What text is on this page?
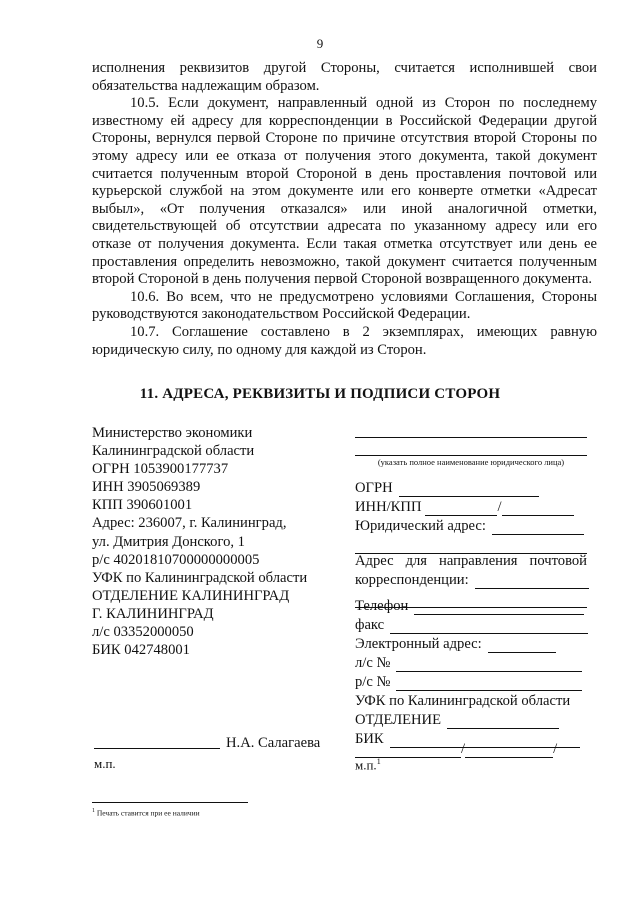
9

исполнения реквизитов другой Стороны, считается исполнившей свои обязательства надлежащим образом.

10.5. Если документ, направленный одной из Сторон по последнему известному ей адресу для корреспонденции в Российской Федерации другой Стороны, вернулся первой Стороне по причине отсутствия второй Стороны по этому адресу или ее отказа от получения этого документа, такой документ считается полученным второй Стороной в день проставления почтовой или курьерской службой на этом документе или его конверте отметки «Адресат выбыл», «От получения отказался» или иной аналогичной отметки, свидетельствующей об отсутствии адресата по указанному адресу или его отказе от получения документа. Если такая отметка отсутствует или день ее проставления определить невозможно, такой документ считается полученным второй Стороной в день получения первой Стороной возвращенного документа.

10.6. Во всем, что не предусмотрено условиями Соглашения, Стороны руководствуются законодательством Российской Федерации.

10.7. Соглашение составлено в 2 экземплярах, имеющих равную юридическую силу, по одному для каждой из Сторон.

11. АДРЕСА, РЕКВИЗИТЫ И ПОДПИСИ СТОРОН
Министерство экономики
Калининградской области
ОГРН 1053900177737
ИНН 3905069389
КПП 390601001
Адрес: 236007, г. Калининград,
ул. Дмитрия Донского, 1
р/с 40201810700000000005
УФК по Калининградской области
ОТДЕЛЕНИЕ КАЛИНИНГРАД
Г. КАЛИНИНГРАД
л/с 03352000050
БИК 042748001
Н.А. Салагаева
м.п.
(указать полное наименование юридического лица)
ОГРН
ИНН/КПП	/
Юридический адрес:
Адрес для направления почтовой
корреспонденции:
Телефон
факс
Электронный адрес:
л/с №
р/с №
УФК по Калининградской области
ОТДЕЛЕНИЕ
БИК
/	/
м.п.$^1$
$^1$ Печать ставится при ее наличии
